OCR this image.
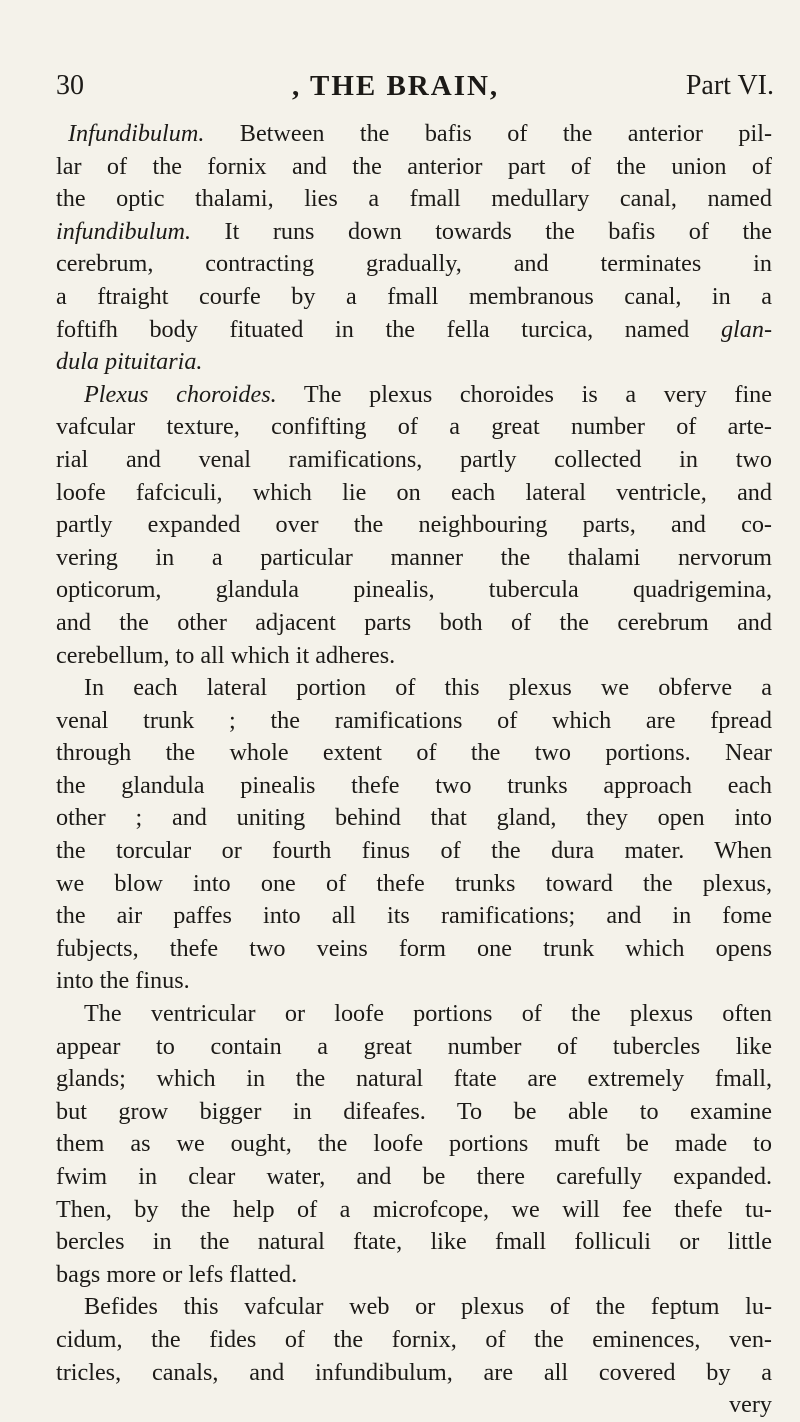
30	, THE BRAIN,	Part VI.
Infundibulum. Between the bafis of the anterior pil-
lar of the fornix and the anterior part of the union of
the optic thalami, lies a fmall medullary canal, named
infundibulum. It runs down towards the bafis of the
cerebrum, contracting gradually, and terminates in
a ftraight courfe by a fmall membranous canal, in a
foftifh body fituated in the fella turcica, named glan-
dula pituitaria.
Plexus choroides. The plexus choroides is a very fine
vafcular texture, confifting of a great number of arte-
rial and venal ramifications, partly collected in two
loofe fafciculi, which lie on each lateral ventricle, and
partly expanded over the neighbouring parts, and co-
vering in a particular manner the thalami nervorum
opticorum, glandula pinealis, tubercula quadrigemina,
and the other adjacent parts both of the cerebrum and
cerebellum, to all which it adheres.
In each lateral portion of this plexus we obferve a
venal trunk ; the ramifications of which are fpread
through the whole extent of the two portions. Near
the glandula pinealis thefe two trunks approach each
other ; and uniting behind that gland, they open into
the torcular or fourth finus of the dura mater. When
we blow into one of thefe trunks toward the plexus,
the air paffes into all its ramifications; and in fome
fubjects, thefe two veins form one trunk which opens
into the finus.
The ventricular or loofe portions of the plexus often
appear to contain a great number of tubercles like
glands; which in the natural ftate are extremely fmall,
but grow bigger in difeafes. To be able to examine
them as we ought, the loofe portions muft be made to
fwim in clear water, and be there carefully expanded.
Then, by the help of a microfcope, we will fee thefe tu-
bercles in the natural ftate, like fmall folliculi or little
bags more or lefs flatted.
Befides this vafcular web or plexus of the feptum lu-
cidum, the fides of the fornix, of the eminences, ven-
tricles, canals, and infundibulum, are all covered by a
very
